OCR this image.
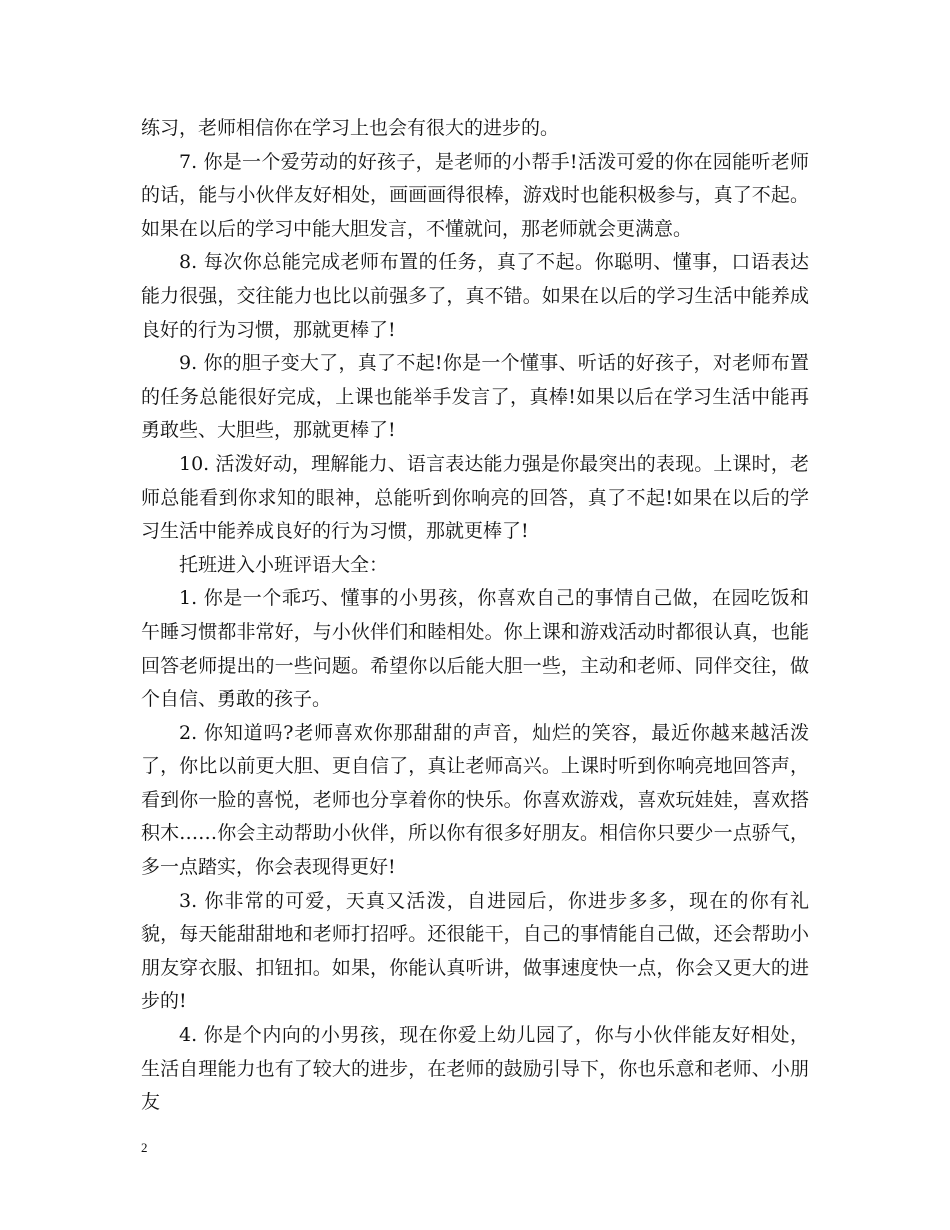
练习，老师相信你在学习上也会有很大的进步的。

7. 你是一个爱劳动的好孩子，是老师的小帮手!活泼可爱的你在园能听老师的话，能与小伙伴友好相处，画画画得很棒，游戏时也能积极参与，真了不起。如果在以后的学习中能大胆发言，不懂就问，那老师就会更满意。

8. 每次你总能完成老师布置的任务，真了不起。你聪明、懂事，口语表达能力很强，交往能力也比以前强多了，真不错。如果在以后的学习生活中能养成良好的行为习惯，那就更棒了!

9. 你的胆子变大了，真了不起!你是一个懂事、听话的好孩子，对老师布置的任务总能很好完成，上课也能举手发言了，真棒!如果以后在学习生活中能再勇敢些、大胆些，那就更棒了!

10. 活泼好动，理解能力、语言表达能力强是你最突出的表现。上课时，老师总能看到你求知的眼神，总能听到你响亮的回答，真了不起!如果在以后的学习生活中能养成良好的行为习惯，那就更棒了!

托班进入小班评语大全：

1. 你是一个乖巧、懂事的小男孩，你喜欢自己的事情自己做，在园吃饭和午睡习惯都非常好，与小伙伴们和睦相处。你上课和游戏活动时都很认真，也能回答老师提出的一些问题。希望你以后能大胆一些，主动和老师、同伴交往，做个自信、勇敢的孩子。

2. 你知道吗?老师喜欢你那甜甜的声音，灿烂的笑容，最近你越来越活泼了，你比以前更大胆、更自信了，真让老师高兴。上课时听到你响亮地回答声，看到你一脸的喜悦，老师也分享着你的快乐。你喜欢游戏，喜欢玩娃娃，喜欢搭积木……你会主动帮助小伙伴，所以你有很多好朋友。相信你只要少一点骄气，多一点踏实，你会表现得更好!

3. 你非常的可爱，天真又活泼，自进园后，你进步多多，现在的你有礼貌，每天能甜甜地和老师打招呼。还很能干，自己的事情能自己做，还会帮助小朋友穿衣服、扣钮扣。如果，你能认真听讲，做事速度快一点，你会又更大的进步的!

4. 你是个内向的小男孩，现在你爱上幼儿园了，你与小伙伴能友好相处，生活自理能力也有了较大的进步，在老师的鼓励引导下，你也乐意和老师、小朋友

2
